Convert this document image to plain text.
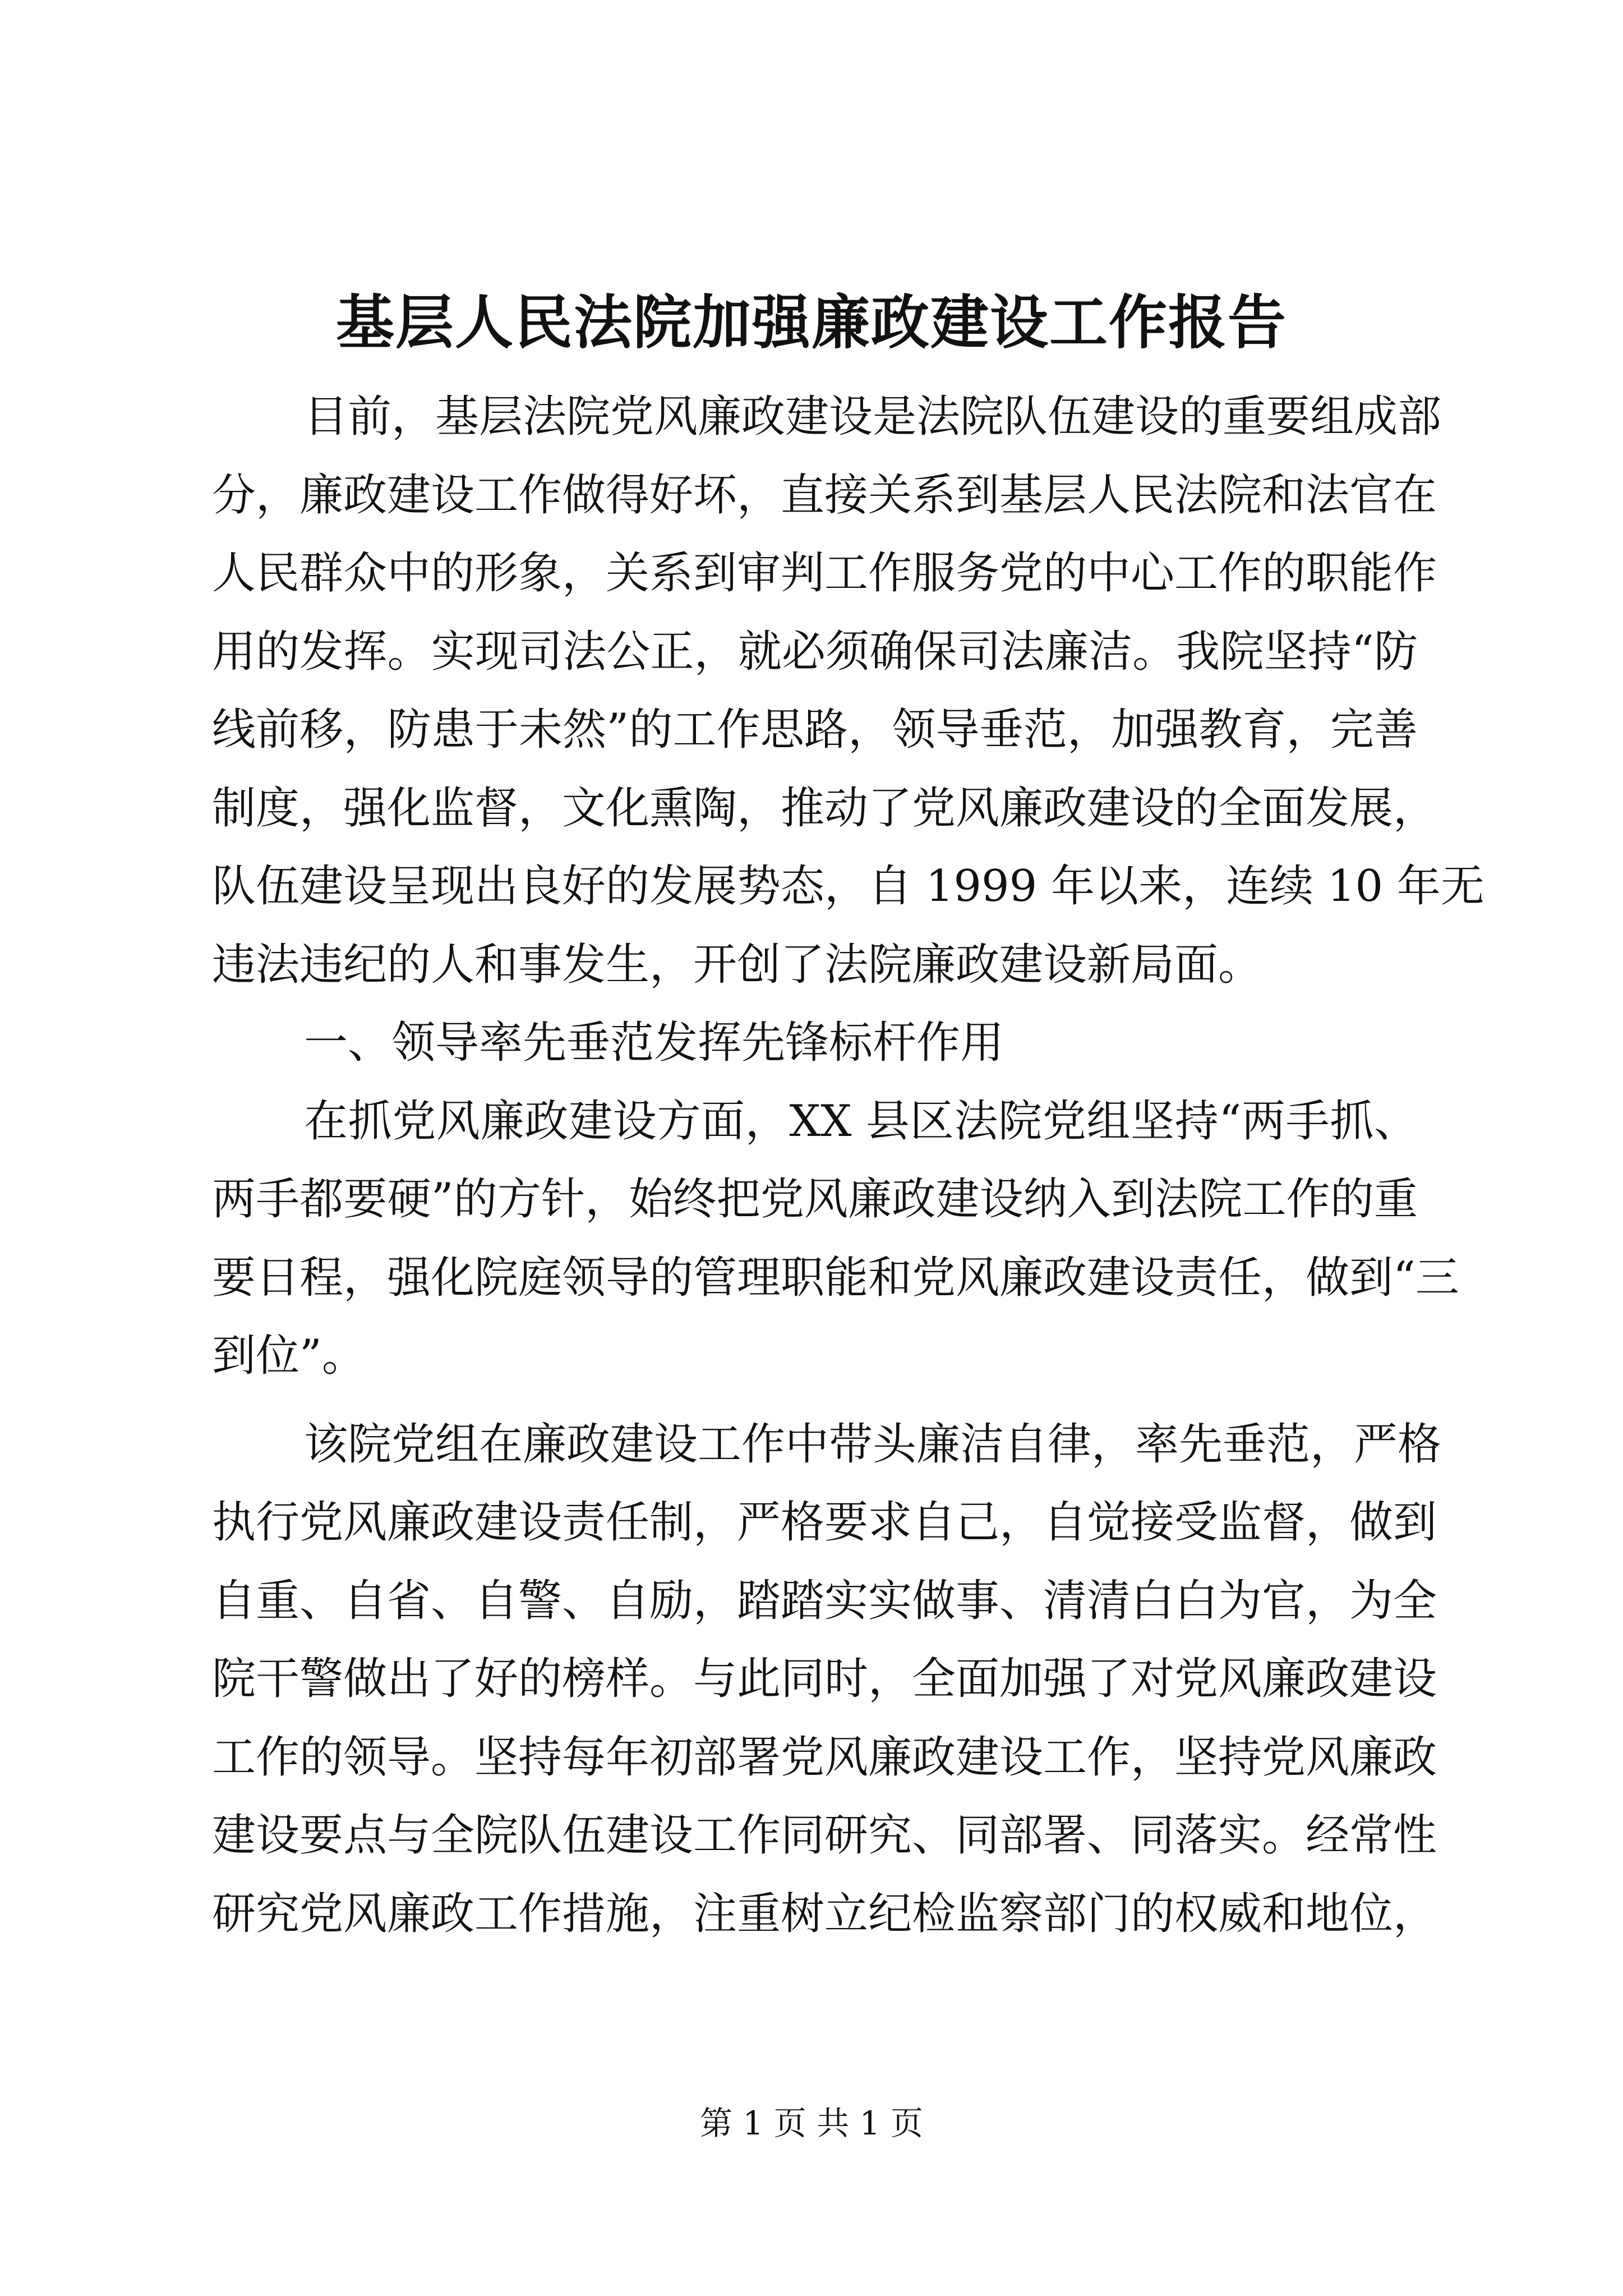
基层人民法院加强廉政建设工作报告
目前，基层法院党风廉政建设是法院队伍建设的重要组成部
分，廉政建设工作做得好坏，直接关系到基层人民法院和法官在
人民群众中的形象，关系到审判工作服务党的中心工作的职能作
用的发挥。实现司法公正，就必须确保司法廉洁。我院坚持“防
线前移，防患于未然”的工作思路，领导垂范，加强教育，完善
制度，强化监督，文化熏陶，推动了党风廉政建设的全面发展，
队伍建设呈现出良好的发展势态，自 1999 年以来，连续 10 年无
违法违纪的人和事发生，开创了法院廉政建设新局面。
一、领导率先垂范发挥先锋标杆作用
在抓党风廉政建设方面，XX 县区法院党组坚持“两手抓、
两手都要硬”的方针，始终把党风廉政建设纳入到法院工作的重
要日程，强化院庭领导的管理职能和党风廉政建设责任，做到“三
到位”。
该院党组在廉政建设工作中带头廉洁自律，率先垂范，严格
执行党风廉政建设责任制，严格要求自己，自觉接受监督，做到
自重、自省、自警、自励，踏踏实实做事、清清白白为官，为全
院干警做出了好的榜样。与此同时，全面加强了对党风廉政建设
工作的领导。坚持每年初部署党风廉政建设工作，坚持党风廉政
建设要点与全院队伍建设工作同研究、同部署、同落实。经常性
研究党风廉政工作措施，注重树立纪检监察部门的权威和地位，
第 1 页 共 1 页
